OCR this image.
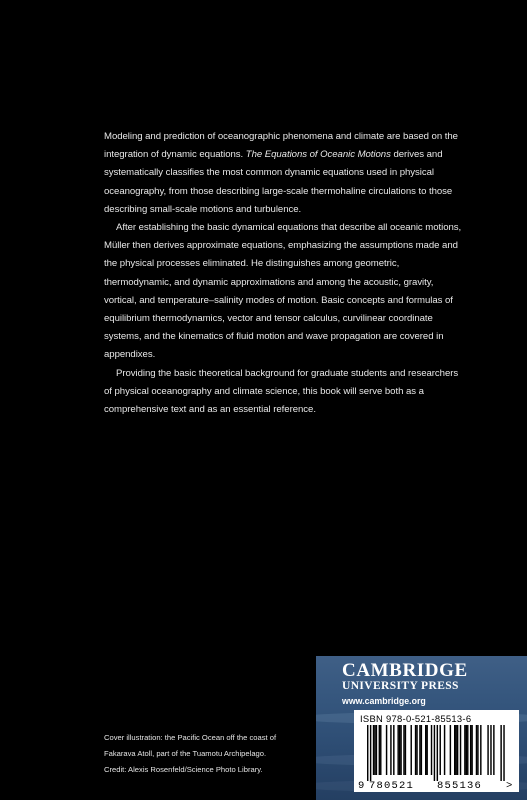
Modeling and prediction of oceanographic phenomena and climate are based on the integration of dynamic equations. The Equations of Oceanic Motions derives and systematically classifies the most common dynamic equations used in physical oceanography, from those describing large-scale thermohaline circulations to those describing small-scale motions and turbulence.

After establishing the basic dynamical equations that describe all oceanic motions, Müller then derives approximate equations, emphasizing the assumptions made and the physical processes eliminated. He distinguishes among geometric, thermodynamic, and dynamic approximations and among the acoustic, gravity, vortical, and temperature–salinity modes of motion. Basic concepts and formulas of equilibrium thermodynamics, vector and tensor calculus, curvilinear coordinate systems, and the kinematics of fluid motion and wave propagation are covered in appendixes.

Providing the basic theoretical background for graduate students and researchers of physical oceanography and climate science, this book will serve both as a comprehensive text and as an essential reference.

CAMBRIDGE
UNIVERSITY PRESS
www.cambridge.org
ISBN 978-0-521-85513-6
9 780521 855136 >
Cover illustration: the Pacific Ocean off the coast of
Fakarava Atoll, part of the Tuamotu Archipelago.
Credit: Alexis Rosenfeld/Science Photo Library.
